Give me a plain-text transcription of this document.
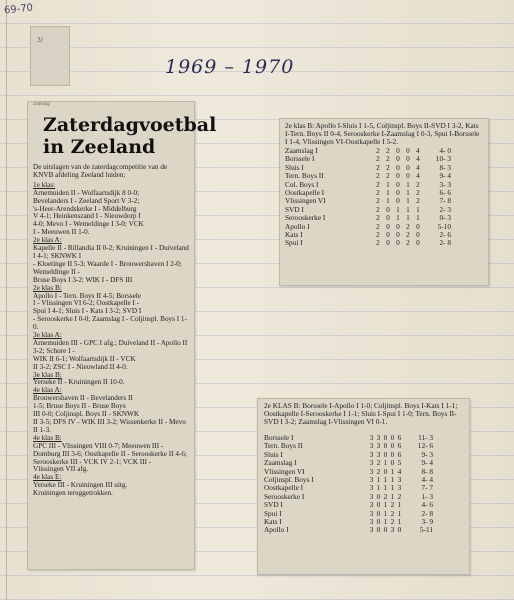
69-70
3/
1969 – 1970
zaterdag
Zaterdagvoetbal
in Zeeland
De uitslagen van de zaterdagcompetitie van de KNVB afdeling Zeeland luiden:
1e klas:
Arnemuiden II - Wolfaartsdijk 8 0-0;
Bevelanders I - Zeeland Sport V 3-2;
's-Heer-Arendskerke I - Middelburg
V 4-1; Heinkenszand I - Nieuwdorp I
4-0; Mevo I - Wemeldinge I 3-0; VCK
I - Meeuwen II 1-0.
2e klas A:
Kapelle II - Rillandia II 0-2; Kruiningen I - Duiveland I 4-1; SKNWK I
- Kloetinge II 5-3; Waarde I - Brouwershaven I 2-0; Wemeldinge II -
Bruse Boys I 3-2; WIK I - DFS III
2e klas B:
Apollo I - Tern. Boys II 4-5; Borssele
I - Vlissingen VI 6-2; Oostkapelle I -
Spui I 4-1; Sluis I - Kats I 3-2; SVD I
- Serooskerke I 0-0; Zaamslag I - Coljinspl. Boys I 1-0.
3e klas A:
Arnemuiden III - GPC I afg.; Duiveland II - Apollo II 3-2; Schore I -
WIK II 6-1; Wolfaartsdijk II - VCK
II 3-2; ZSC I - Nieuwland II 4-0.
3e klas B:
Yerseke II - Kruiningen II 10-0.
4e klas A:
Brouwershaven II - Bevelanders II
1-5; Bruse Boys II - Bruse Boys
III 0-0; Coljinspl. Boys II - SKNWK
II 3-5; DFS IV - WIK III 3-2; Wissenkerke II - Mevo II 1-3.
4e klas B:
GPC III - Vlissingen VIII 0-7; Meeuwen III - Domburg III 3-6; Oostkapelle II - Serooskerke II 4-6; Serooskerke III - VCK IV 2-1; VCK III -
Vlissingen VII afg.
4e klas E:
Yerseke III - Kruiningen III uitg.
Kruiningen teruggetrokken.
2e klas B: Apollo I-Sluis I 1-5, Coljinspl. Boys II-SVD I 3-2, Kats I-Tern. Boys II 0-4, Serooskerke I-Zaamslag I 0-3, Spui I-Borssele I 1-4, Vlissingen VI-Oostkapelle I 5-2.
Zaamslag I	2	2	0	0	4	4- 0
Borssele I	2	2	0	0	4	10- 3
Sluis I	2	2	0	0	4	8- 3
Tern. Boys II	2	2	0	0	4	9- 4
Col. Boys I	2	1	0	1	2	3- 3
Oostkapelle I	2	1	0	1	2	6- 6
Vlissingen VI	2	1	0	1	2	7- 8
SVD I	2	0	1	1	1	2- 3
Serooskerke I	2	0	1	1	1	0- 3
Apollo I	2	0	0	2	0	5-10
Kats I	2	0	0	2	0	2- 6
Spui I	2	0	0	2	0	2- 8
2e KLAS B: Borssele I-Apollo I 1-0; Coljinspl. Boys I-Kats I 1-1; Oostkapelle I-Serooskerke I 1-1; Sluis I-Spui I 1-0; Tern. Boys II-SVD I 3-2; Zaamslag I-Vlissingen VI 0-1.
Borssele I	3	3	0	0	6	11- 3
Tern. Boys II	3	3	0	0	6	12- 6
Sluis I	3	3	0	0	6	9- 3
Zaamslag I	3	2	1	0	5	9- 4
Vlissingen VI	3	2	0	1	4	8- 8
Coljinspl. Boys I	3	1	1	1	3	4- 4
Oostkapelle I	3	1	1	1	3	7- 7
Serooskerke I	3	0	2	1	2	1- 3
SVD I	3	0	1	2	1	4- 6
Spui I	3	0	1	2	1	2- 8
Kats I	3	0	1	2	1	3- 9
Apollo I	3	0	0	3	0	5-11
